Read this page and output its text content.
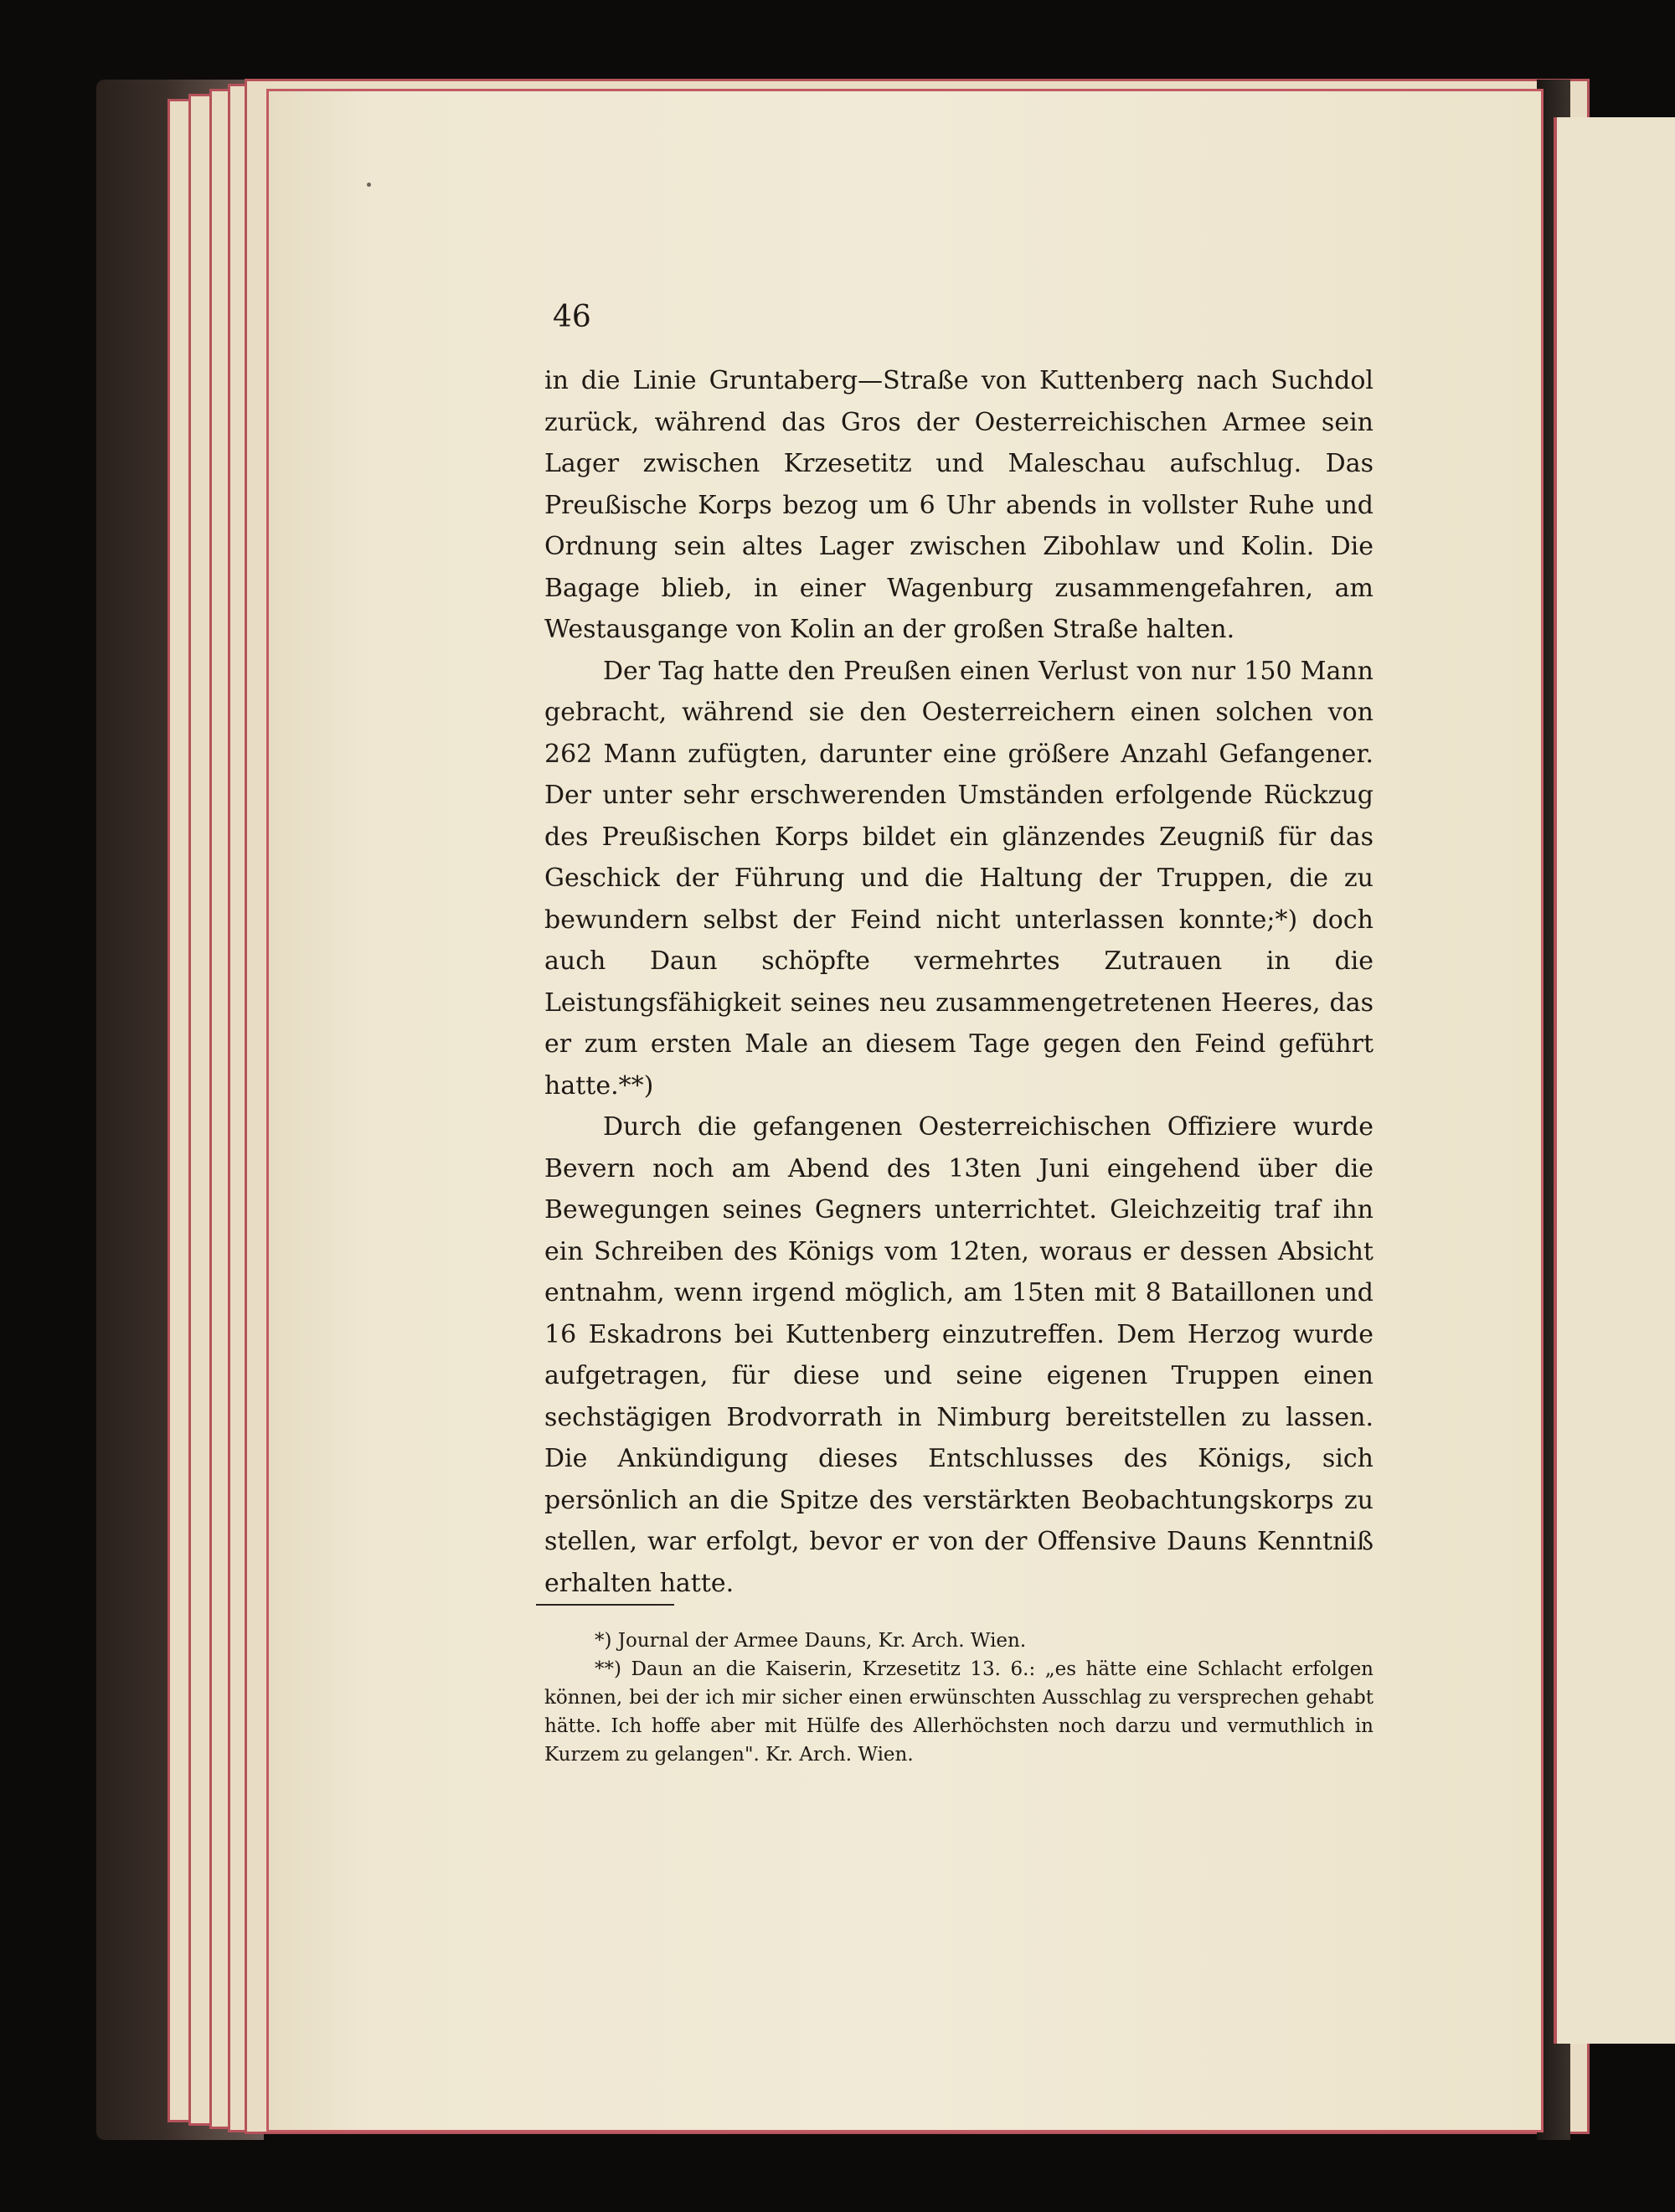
46

in die Linie Gruntaberg—Straße von Kuttenberg nach Suchdol zurück, während das Gros der Oesterreichischen Armee sein Lager zwischen Krzesetitz und Maleschau aufschlug. Das Preußische Korps bezog um 6 Uhr abends in vollster Ruhe und Ordnung sein altes Lager zwischen Zibohlaw und Kolin. Die Bagage blieb, in einer Wagenburg zusammengefahren, am Westausgange von Kolin an der großen Straße halten.

Der Tag hatte den Preußen einen Verlust von nur 150 Mann gebracht, während sie den Oesterreichern einen solchen von 262 Mann zufügten, darunter eine größere Anzahl Gefangener. Der unter sehr erschwerenden Umständen erfolgende Rückzug des Preußischen Korps bildet ein glänzendes Zeugniß für das Geschick der Führung und die Haltung der Truppen, die zu bewundern selbst der Feind nicht unterlassen konnte;*) doch auch Daun schöpfte vermehrtes Zutrauen in die Leistungsfähigkeit seines neu zusammengetretenen Heeres, das er zum ersten Male an diesem Tage gegen den Feind geführt hatte.**)

Durch die gefangenen Oesterreichischen Offiziere wurde Bevern noch am Abend des 13ten Juni eingehend über die Bewegungen seines Gegners unterrichtet. Gleichzeitig traf ihn ein Schreiben des Königs vom 12ten, woraus er dessen Absicht entnahm, wenn irgend möglich, am 15ten mit 8 Bataillonen und 16 Eskadrons bei Kuttenberg einzutreffen. Dem Herzog wurde aufgetragen, für diese und seine eigenen Truppen einen sechstägigen Brodvorrath in Nimburg bereitstellen zu lassen. Die Ankündigung dieses Entschlusses des Königs, sich persönlich an die Spitze des verstärkten Beobachtungskorps zu stellen, war erfolgt, bevor er von der Offensive Dauns Kenntniß erhalten hatte.

*) Journal der Armee Dauns, Kr. Arch. Wien.

**) Daun an die Kaiserin, Krzesetitz 13. 6.: „es hätte eine Schlacht erfolgen können, bei der ich mir sicher einen erwünschten Ausschlag zu versprechen gehabt hätte. Ich hoffe aber mit Hülfe des Allerhöchsten noch darzu und vermuthlich in Kurzem zu gelangen". Kr. Arch. Wien.
